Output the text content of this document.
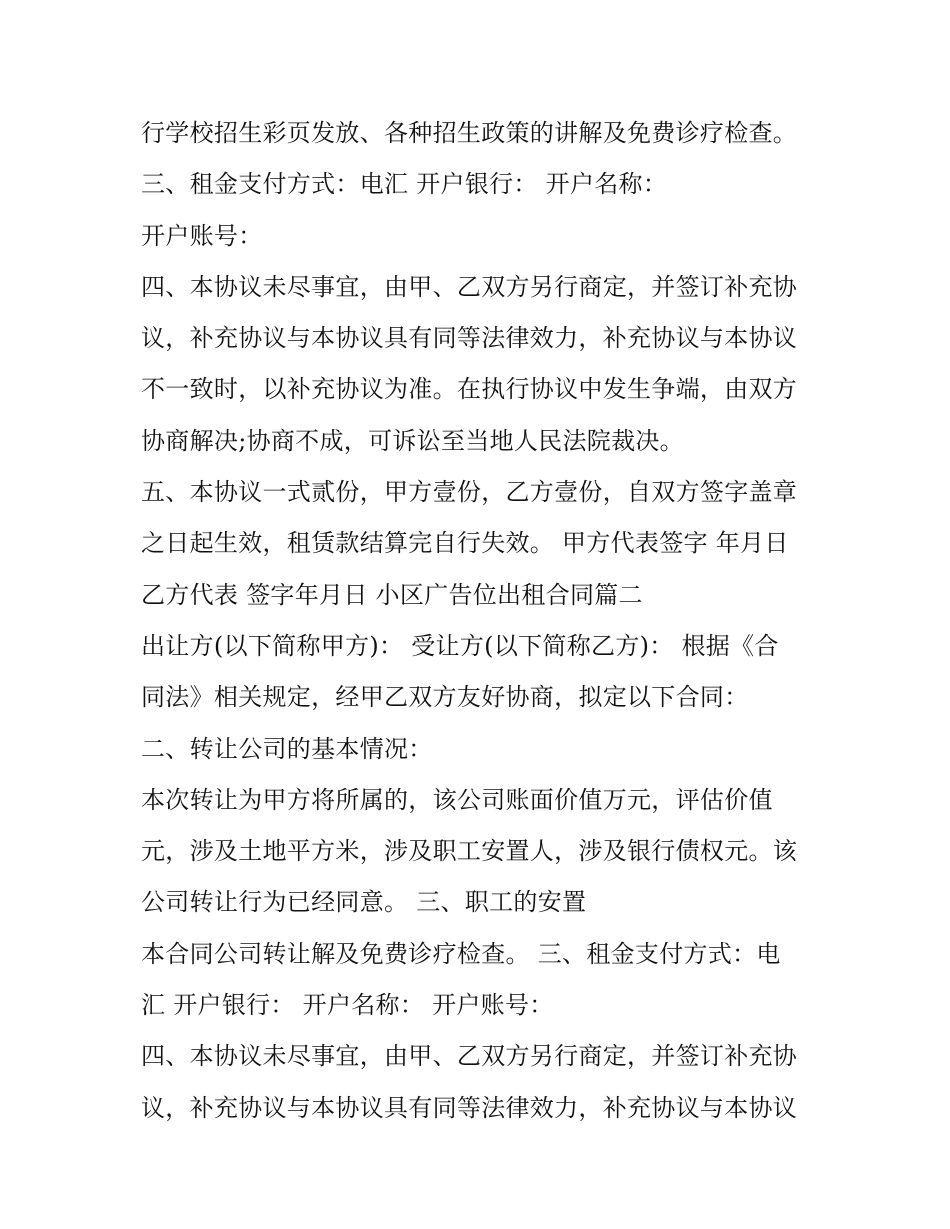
行学校招生彩页发放、各种招生政策的讲解及免费诊疗检查。
三、租金支付方式：电汇 开户银行： 开户名称：
开户账号：
四、本协议未尽事宜，由甲、乙双方另行商定，并签订补充协
议，补充协议与本协议具有同等法律效力，补充协议与本协议
不一致时，以补充协议为准。在执行协议中发生争端，由双方
协商解决;协商不成，可诉讼至当地人民法院裁决。
五、本协议一式贰份，甲方壹份，乙方壹份，自双方签字盖章
之日起生效，租赁款结算完自行失效。 甲方代表签字 年月日
乙方代表 签字年月日 小区广告位出租合同篇二
出让方(以下简称甲方)： 受让方(以下简称乙方)： 根据《合
同法》相关规定，经甲乙双方友好协商，拟定以下合同：
二、转让公司的基本情况：
本次转让为甲方将所属的，该公司账面价值万元，评估价值
元，涉及土地平方米，涉及职工安置人，涉及银行债权元。该
公司转让行为已经同意。 三、职工的安置
本合同公司转让解及免费诊疗检查。 三、租金支付方式：电
汇 开户银行： 开户名称： 开户账号：
四、本协议未尽事宜，由甲、乙双方另行商定，并签订补充协
议，补充协议与本协议具有同等法律效力，补充协议与本协议
